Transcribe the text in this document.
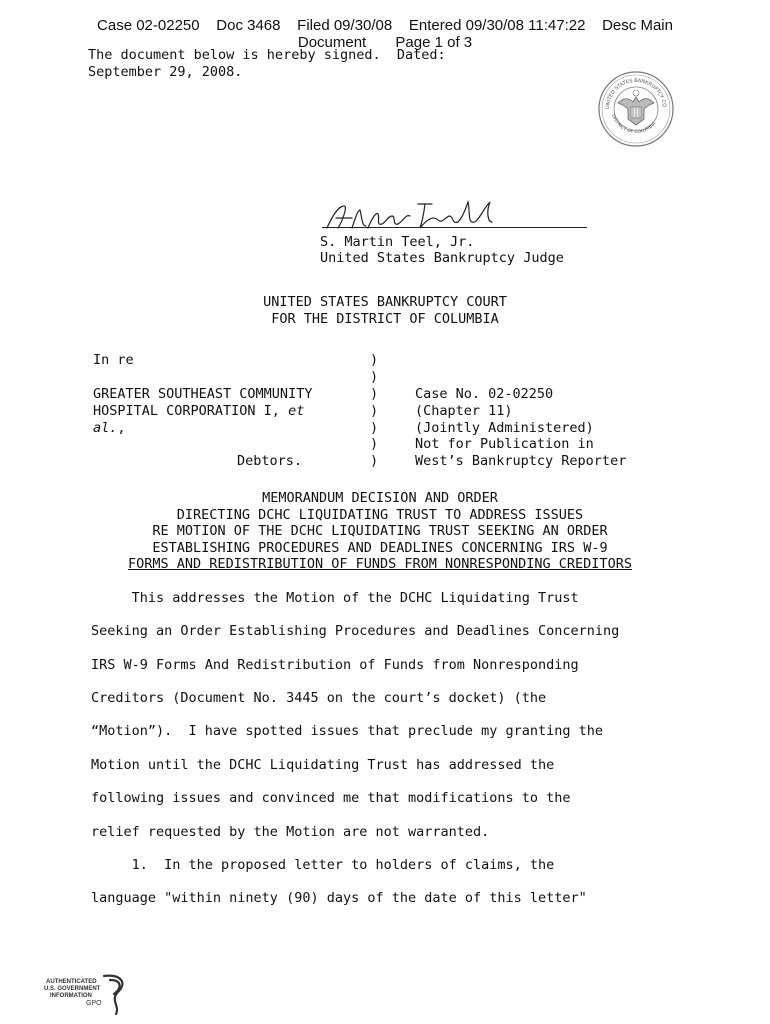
Case 02-02250    Doc 3468    Filed 09/30/08    Entered 09/30/08 11:47:22    Desc Main
Document       Page 1 of 3
The document below is hereby signed.  Dated:
September 29, 2008.
UNITED STATES BANKRUPTCY CO
DISTRICT OF COLUMBIA
S. Martin Teel, Jr.
S. Martin Teel, Jr.
United States Bankruptcy Judge
UNITED STATES BANKRUPTCY COURT
FOR THE DISTRICT OF COLUMBIA
In re
GREATER SOUTHEAST COMMUNITY
HOSPITAL CORPORATION I, et
al.,
Debtors.
)
)
)
)
)
)
)
Case No. 02-02250
(Chapter 11)
(Jointly Administered)
Not for Publication in
West’s Bankruptcy Reporter
MEMORANDUM DECISION AND ORDER
DIRECTING DCHC LIQUIDATING TRUST TO ADDRESS ISSUES
RE MOTION OF THE DCHC LIQUIDATING TRUST SEEKING AN ORDER
ESTABLISHING PROCEDURES AND DEADLINES CONCERNING IRS W-9
FORMS AND REDISTRIBUTION OF FUNDS FROM NONRESPONDING CREDITORS
This addresses the Motion of the DCHC Liquidating Trust
Seeking an Order Establishing Procedures and Deadlines Concerning
IRS W-9 Forms And Redistribution of Funds from Nonresponding
Creditors (Document No. 3445 on the court’s docket) (the
“Motion”).  I have spotted issues that preclude my granting the
Motion until the DCHC Liquidating Trust has addressed the
following issues and convinced me that modifications to the
relief requested by the Motion are not warranted.
1.  In the proposed letter to holders of claims, the
language "within ninety (90) days of the date of this letter"
AUTHENTICATED
U.S. GOVERNMENT
INFORMATION
GPO
